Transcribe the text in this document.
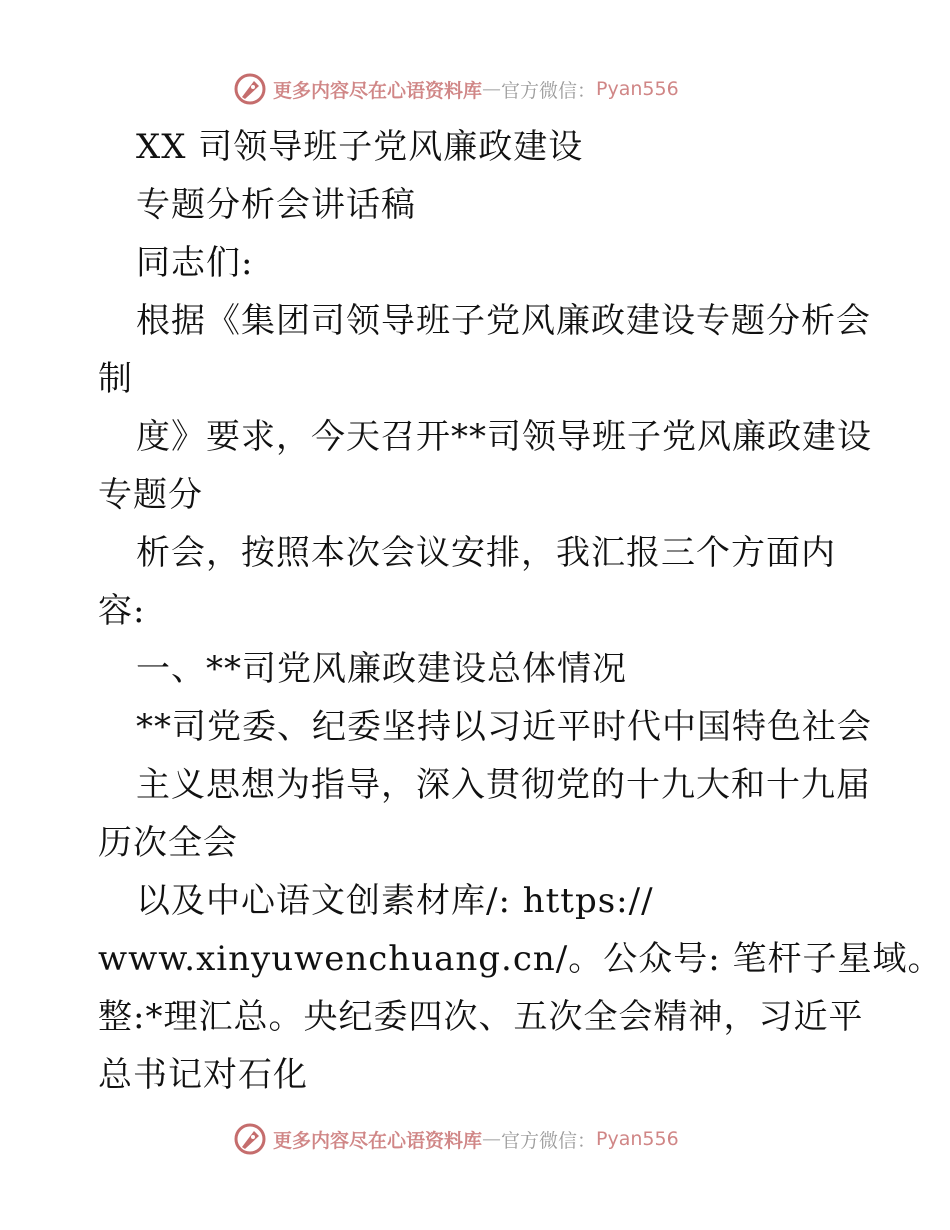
更多内容尽在心语资料库 — 官方微信： Pyan556
XX 司领导班子党风廉政建设
专题分析会讲话稿
同志们:
根据《集团司领导班子党风廉政建设专题分析会
制
度》要求，今天召开**司领导班子党风廉政建设
专题分
析会，按照本次会议安排，我汇报三个方面内
容:
一、**司党风廉政建设总体情况
**司党委、纪委坚持以习近平时代中国特色社会
主义思想为指导，深入贯彻党的十九大和十九届
历次全会
以及中心语文创素材库/: https://
www.xinyuwenchuang.cn/。公众号: 笔杆子星域。
整:*理汇总。央纪委四次、五次全会精神，习近平
总书记对石化
更多内容尽在心语资料库 — 官方微信： Pyan556
